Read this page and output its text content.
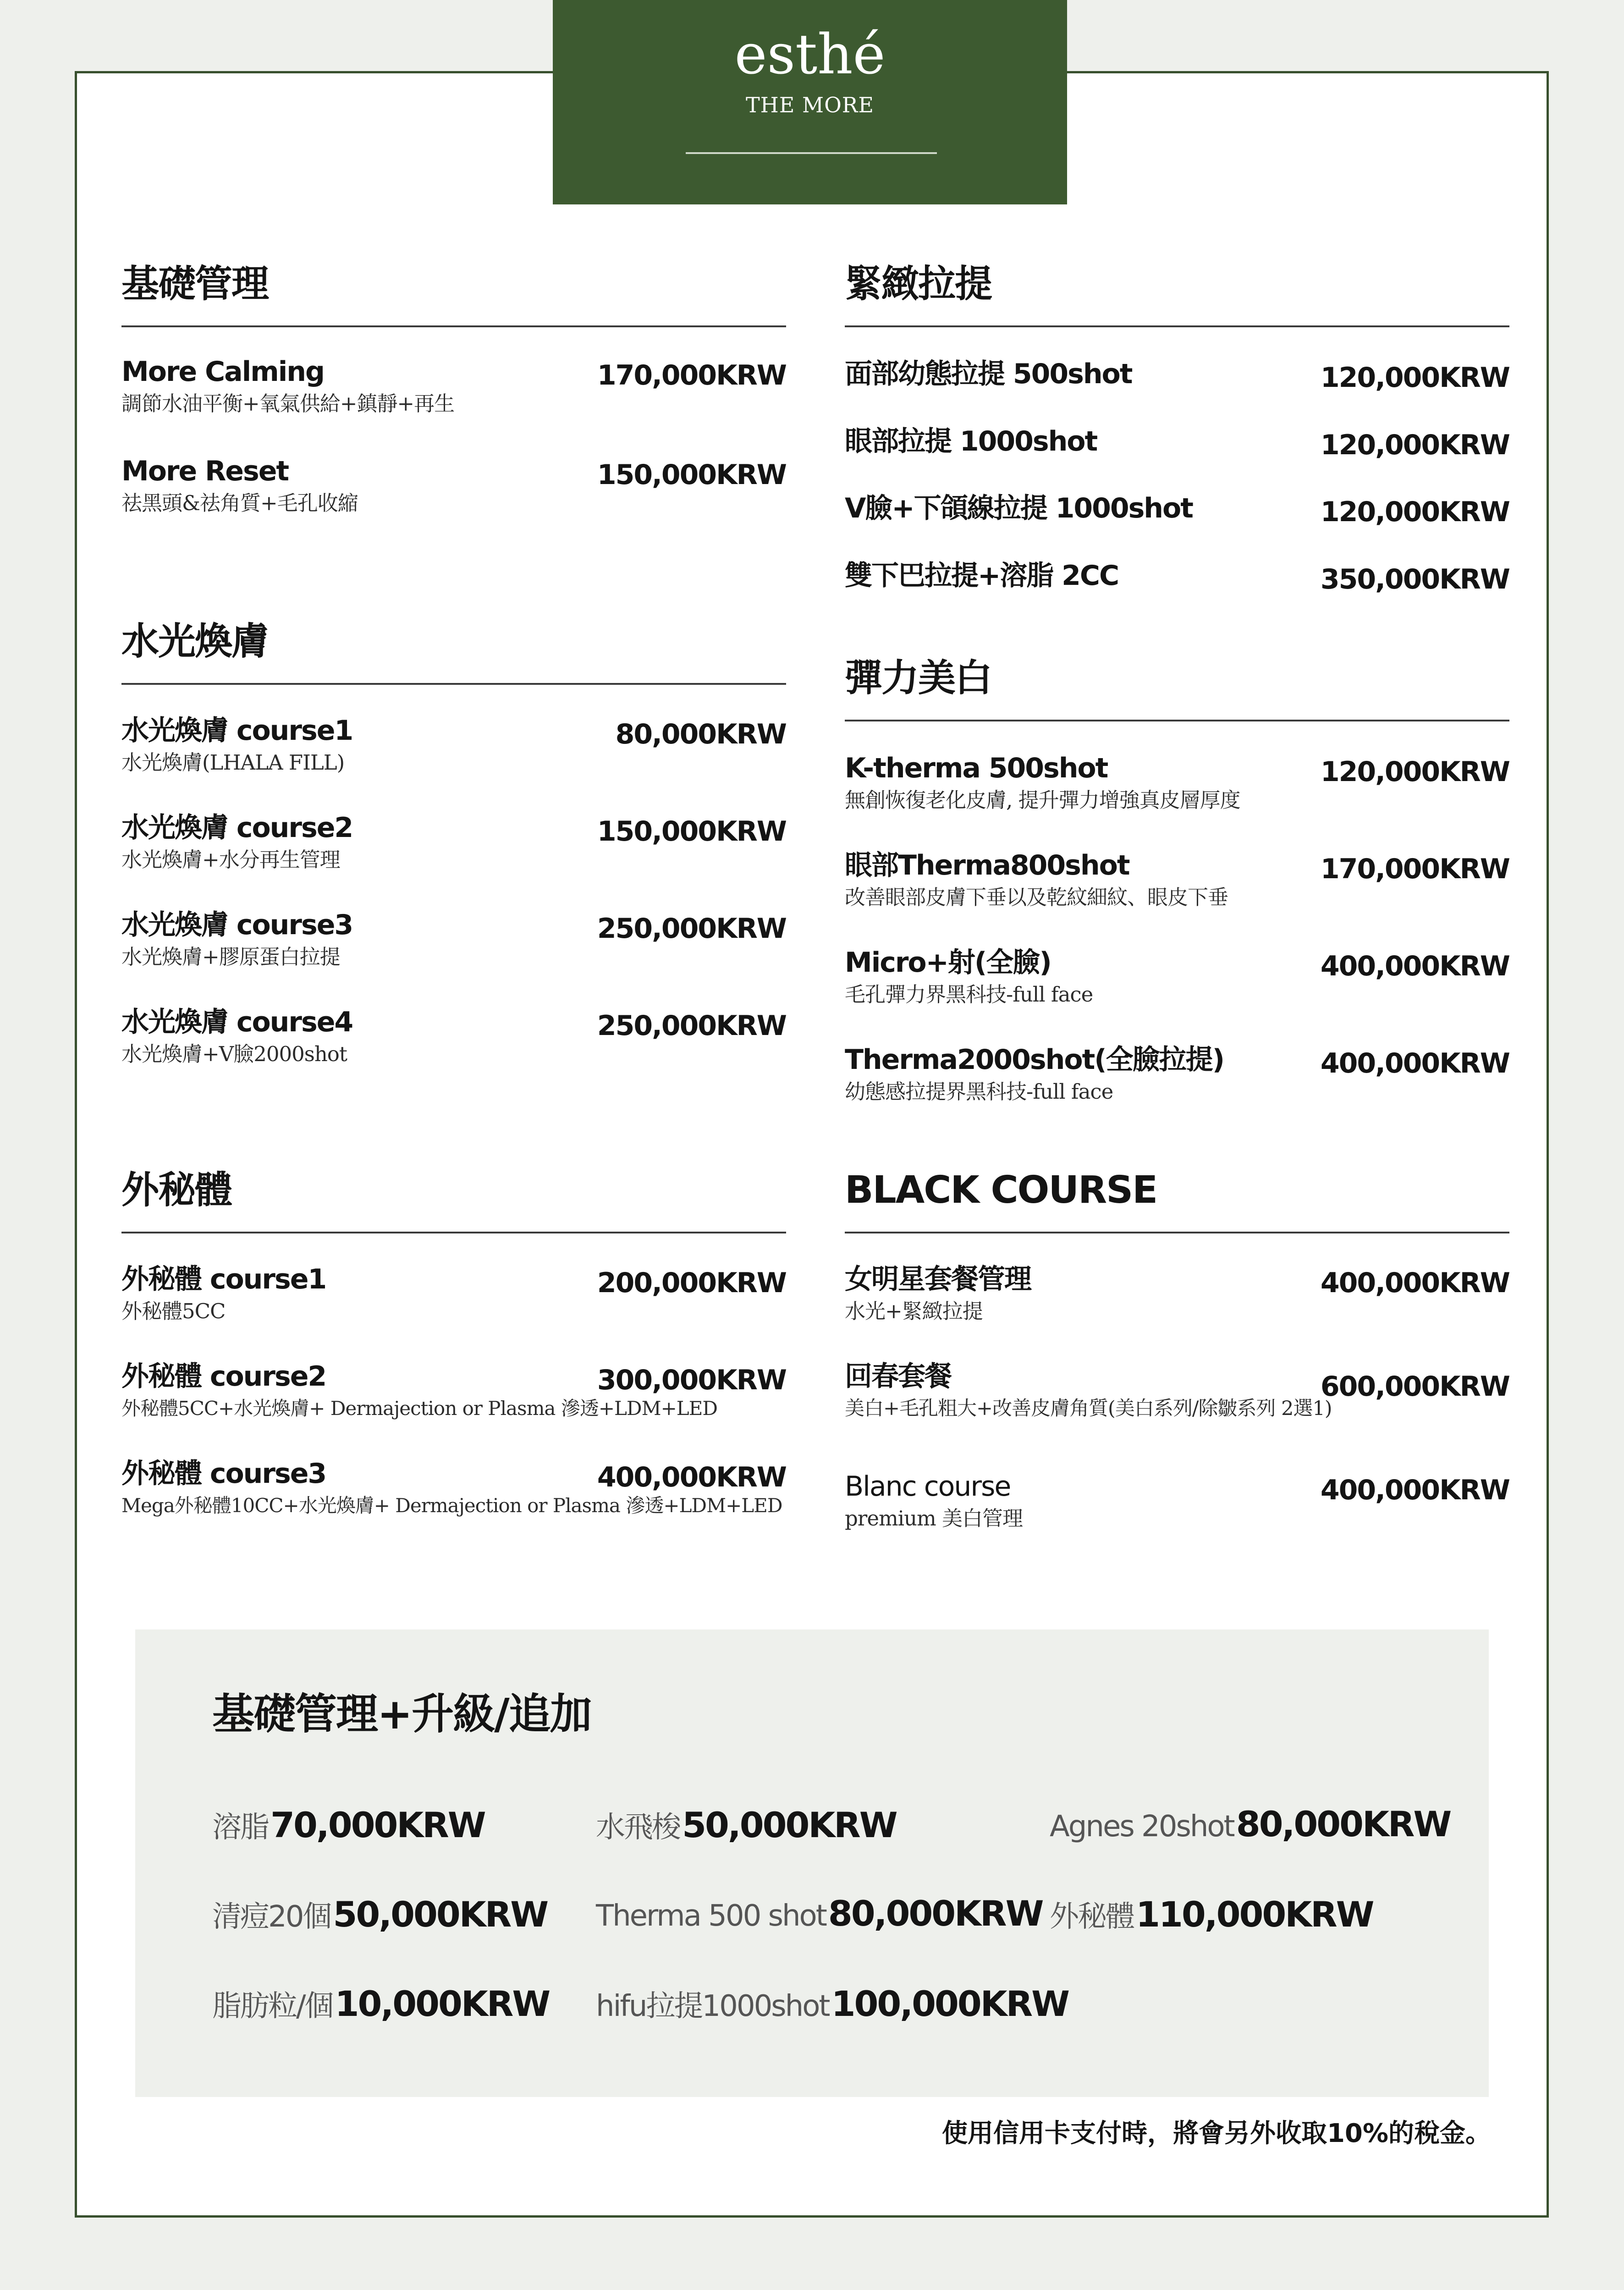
esthé
THE MORE
基礎管理
More Calming	170,000KRW
調節水油平衡+氧氣供給+鎮靜+再生
More Reset	150,000KRW
祛黑頭&祛角質+毛孔收縮
水光煥膚
水光煥膚 course1	80,000KRW
水光煥膚(LHALA FILL)
水光煥膚 course2	150,000KRW
水光煥膚+水分再生管理
水光煥膚 course3	250,000KRW
水光煥膚+膠原蛋白拉提
水光煥膚 course4	250,000KRW
水光煥膚+V臉2000shot
外秘體
外秘體 course1	200,000KRW
外秘體5CC
外秘體 course2	300,000KRW
外秘體5CC+水光煥膚+ Dermajection or Plasma 滲透+LDM+LED
外秘體 course3	400,000KRW
Mega外秘體10CC+水光煥膚+ Dermajection or Plasma 滲透+LDM+LED
緊緻拉提
面部幼態拉提 500shot	120,000KRW
眼部拉提 1000shot	120,000KRW
V臉+下頜線拉提 1000shot	120,000KRW
雙下巴拉提+溶脂 2CC	350,000KRW
彈力美白
K-therma 500shot	120,000KRW
無創恢復老化皮膚, 提升彈力增強真皮層厚度
眼部Therma800shot	170,000KRW
改善眼部皮膚下垂以及乾紋細紋、眼皮下垂
Micro+射(全臉)	400,000KRW
毛孔彈力界黑科技-full face
Therma2000shot(全臉拉提)	400,000KRW
幼態感拉提界黑科技-full face
BLACK COURSE
女明星套餐管理	400,000KRW
水光+緊緻拉提
回春套餐	600,000KRW
美白+毛孔粗大+改善皮膚角質(美白系列/除皺系列 2選1)
Blanc course	400,000KRW
premium 美白管理
基礎管理+升級/追加
溶脂 70,000KRW	水飛梭 50,000KRW	Agnes 20shot 80,000KRW
清痘20個 50,000KRW Therma 500 shot 80,000KRW 外秘體 110,000KRW
脂肪粒/個 10,000KRW hifu拉提1000shot 100,000KRW
使用信用卡支付時，將會另外收取10%的稅金。
